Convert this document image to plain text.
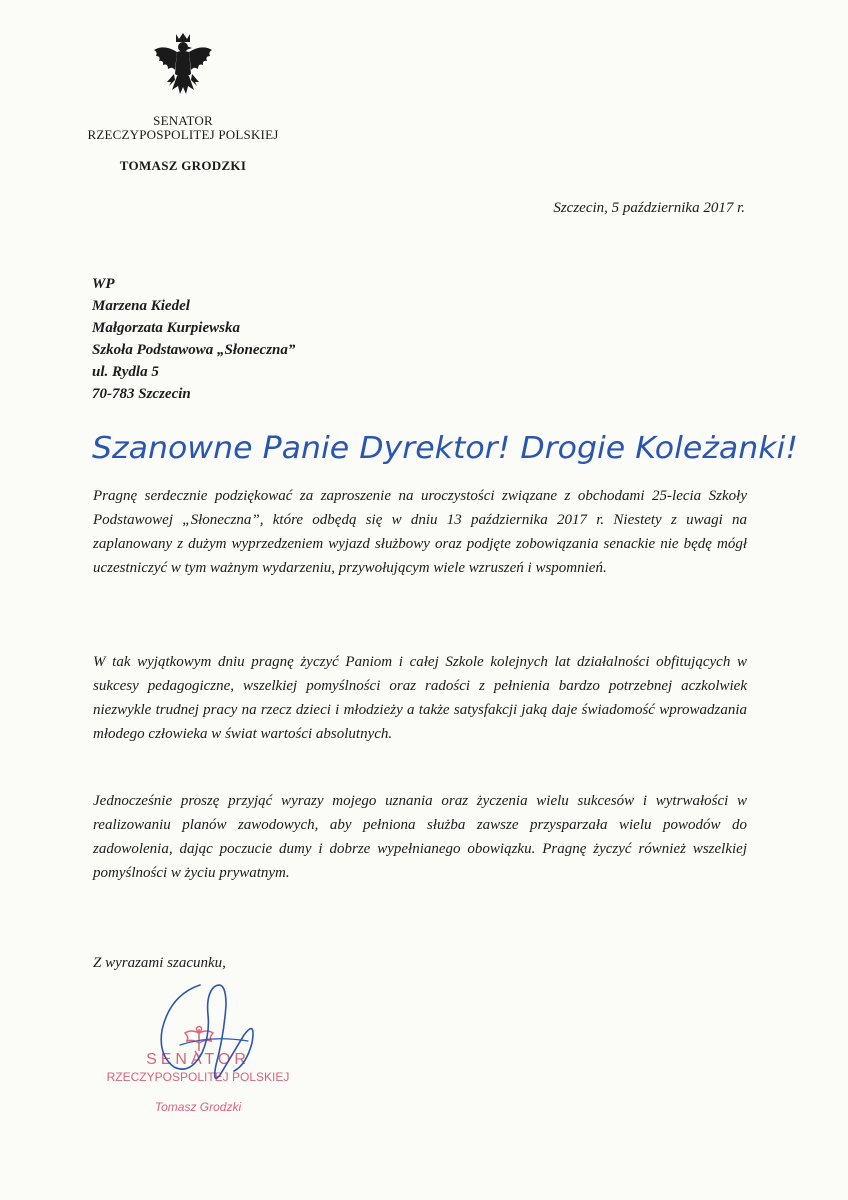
SENATOR
RZECZYPOSPOLITEJ POLSKIEJ
TOMASZ GRODZKI
Szczecin, 5 października 2017 r.
WP
Marzena Kiedel
Małgorzata Kurpiewska
Szkoła Podstawowa „Słoneczna”
ul. Rydla 5
70-783 Szczecin
Szanowne Panie Dyrektor! Drogie Koleżanki!

Pragnę serdecznie podziękować za zaproszenie na uroczystości związane z obchodami 25-lecia Szkoły Podstawowej „Słoneczna”, które odbędą się w dniu 13 października 2017 r. Niestety z uwagi na zaplanowany z dużym wyprzedzeniem wyjazd służbowy oraz podjęte zobowiązania senackie nie będę mógł uczestniczyć w tym ważnym wydarzeniu, przywołującym wiele wzruszeń i wspomnień.

W tak wyjątkowym dniu pragnę życzyć Paniom i całej Szkole kolejnych lat działalności obfitujących w sukcesy pedagogiczne, wszelkiej pomyślności oraz radości z pełnienia bardzo potrzebnej aczkolwiek niezwykle trudnej pracy na rzecz dzieci i młodzieży a także satysfakcji jaką daje świadomość wprowadzania młodego człowieka w świat wartości absolutnych.

Jednocześnie proszę przyjąć wyrazy mojego uznania oraz życzenia wielu sukcesów i wytrwałości w realizowaniu planów zawodowych, aby pełniona służba zawsze przysparzała wielu powodów do zadowolenia, dając poczucie dumy i dobrze wypełnianego obowiązku. Pragnę życzyć również wszelkiej pomyślności w życiu prywatnym.

Z wyrazami szacunku,
SENATOR
RZECZYPOSPOLITEJ POLSKIEJ
Tomasz Grodzki
